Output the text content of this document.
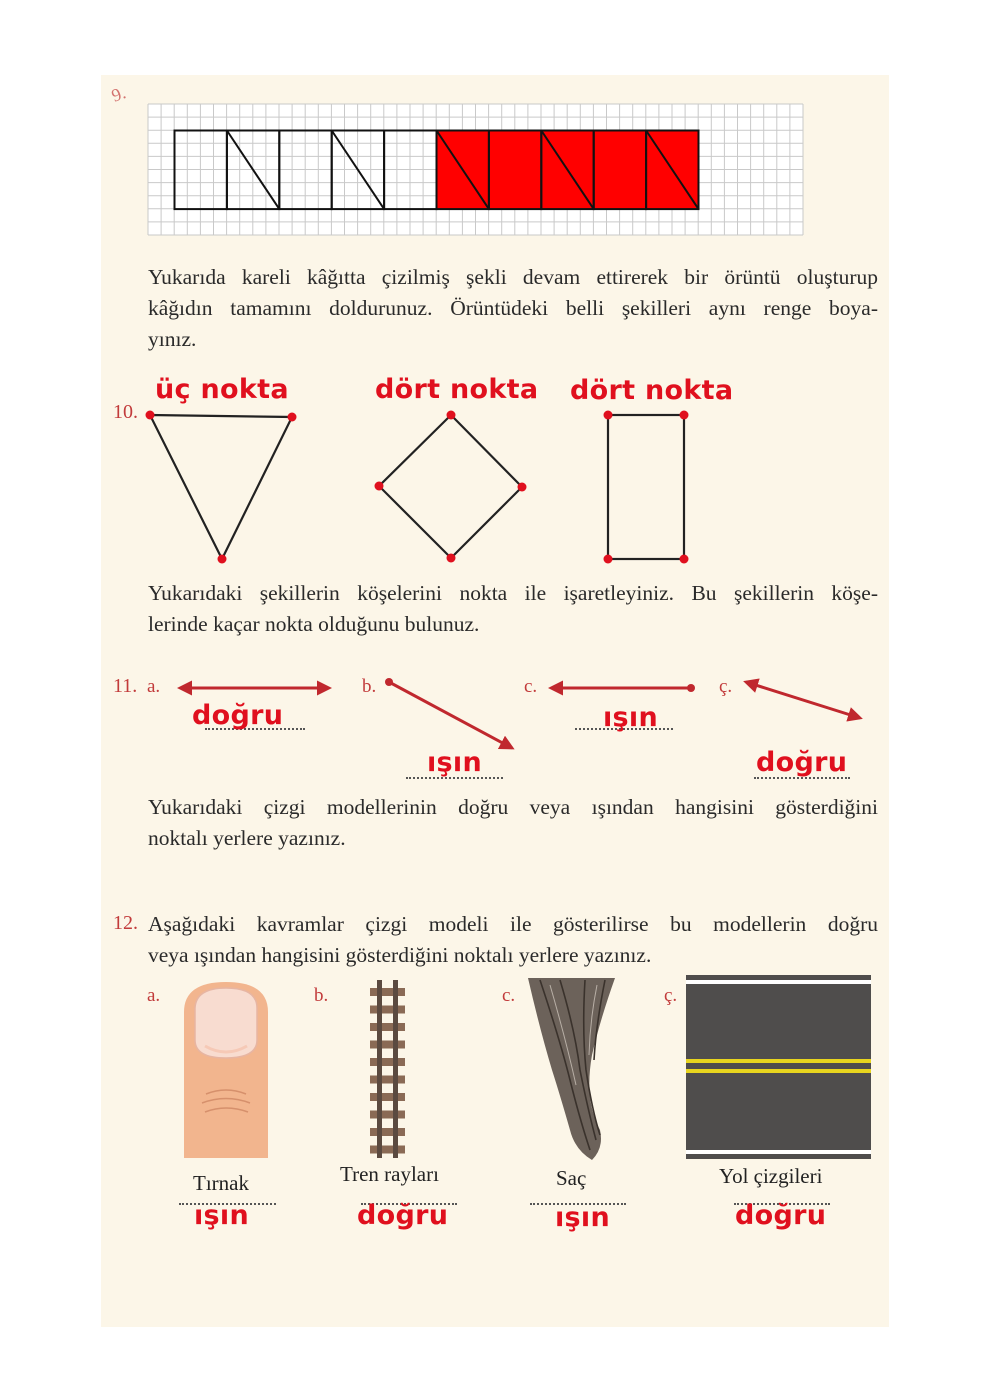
9.
Yukarıda kareli kâğıtta çizilmiş şekli devam ettirerek bir örüntü oluşturup
kâğıdın tamamını doldurunuz. Örüntüdeki belli şekilleri aynı renge boya-
yınız.
10.
üç nokta	dört nokta dört nokta
Yukarıdaki şekillerin köşelerini nokta ile işaretleyiniz. Bu şekillerin köşe-
lerinde kaçar nokta olduğunu bulunuz.
11. a.	b.	c.	ç.
doğru
ışın
ışın
doğru
Yukarıdaki çizgi modellerinin doğru veya ışından hangisini gösterdiğini
noktalı yerlere yazınız.
12. Aşağıdaki kavramlar çizgi modeli ile gösterilirse bu modellerin doğru
veya ışından hangisini gösterdiğini noktalı yerlere yazınız.
a.	b.	c.	ç.
Tırnak	Tren rayları	Saç	Yol çizgileri
ışın	doğru	ışın	doğru
